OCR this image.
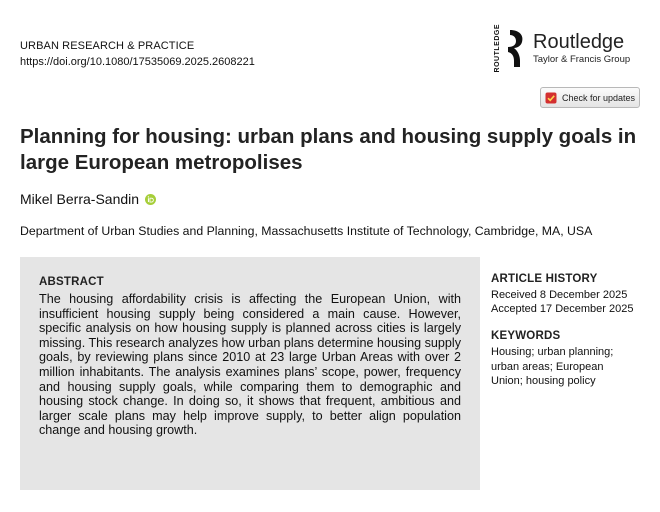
URBAN RESEARCH & PRACTICE
https://doi.org/10.1080/17535069.2025.2608221	ROUTLEDGE Routledge
Taylor & Francis Group
Check for updates
Planning for housing: urban plans and housing supply goals in large European metropolises
Mikel Berra-Sandin
Department of Urban Studies and Planning, Massachusetts Institute of Technology, Cambridge, MA, USA
ABSTRACT

The housing affordability crisis is affecting the European Union, with insufficient housing supply being considered a main cause. However, specific analysis on how housing supply is planned across cities is largely missing. This research analyzes how urban plans determine housing supply goals, by reviewing plans since 2010 at 23 large Urban Areas with over 2 million inhabitants. The analysis examines plans’ scope, power, frequency and housing supply goals, while comparing them to demographic and housing stock change. In doing so, it shows that frequent, ambitious and larger scale plans may help improve supply, to better align population change and housing growth.

ARTICLE HISTORY
Received 8 December 2025
Accepted 17 December 2025
KEYWORDS
Housing; urban planning; urban areas; European Union; housing policy
